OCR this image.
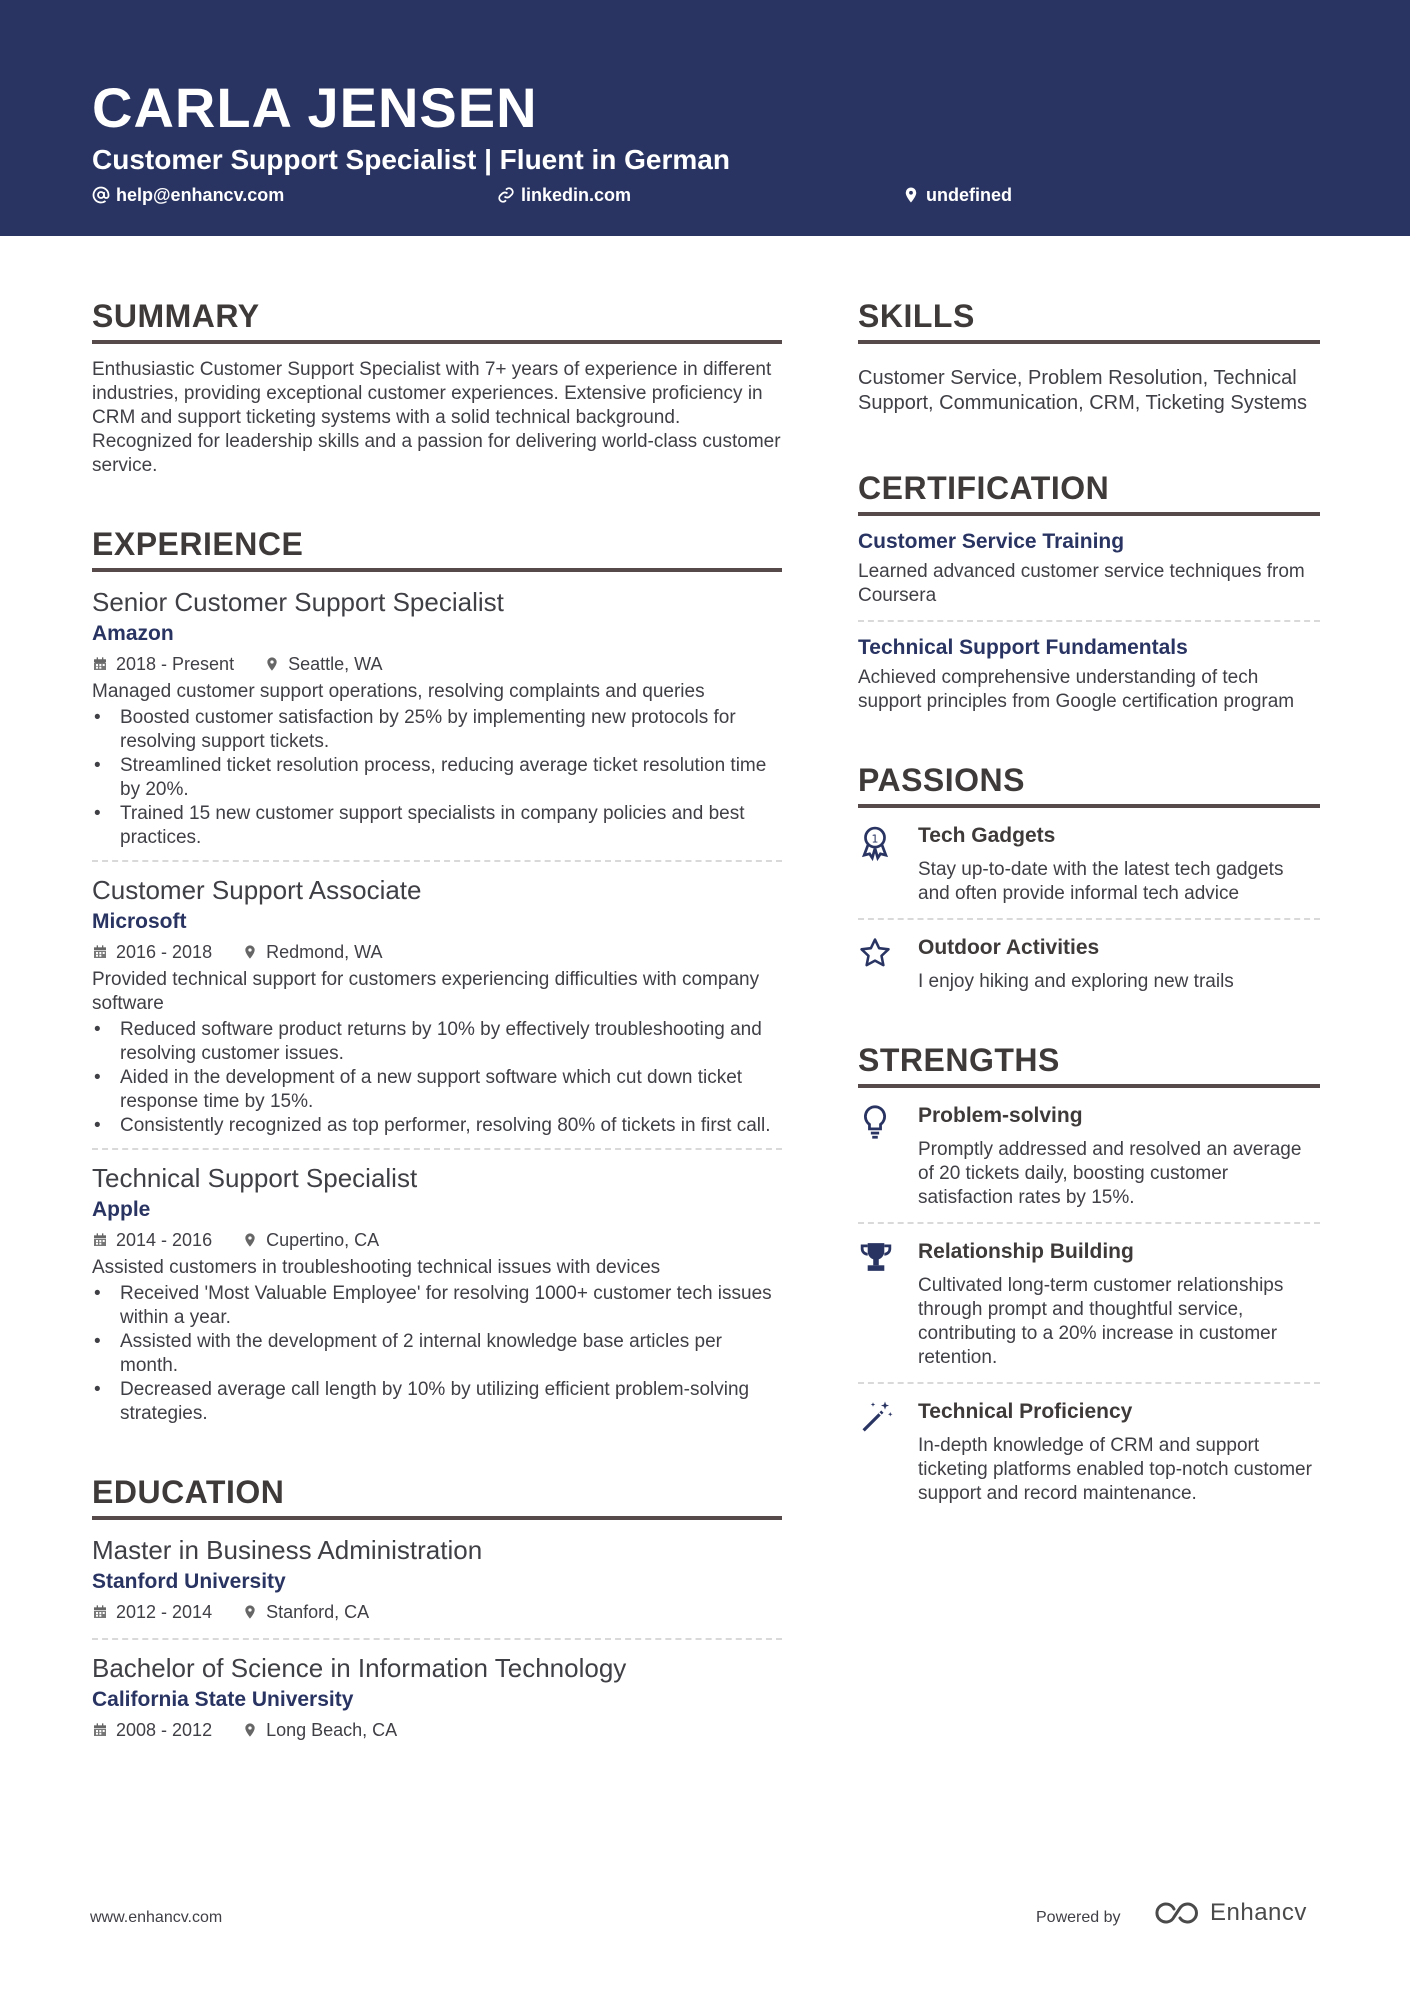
CARLA JENSEN
Customer Support Specialist | Fluent in German
help@enhancv.com	linkedin.com	undefined
SUMMARY
Enthusiastic Customer Support Specialist with 7+ years of experience in different industries, providing exceptional customer experiences. Extensive proficiency in CRM and support ticketing systems with a solid technical background. Recognized for leadership skills and a passion for delivering world-class customer service.
EXPERIENCE
Senior Customer Support Specialist
Amazon
2018 - Present	Seattle, WA
Managed customer support operations, resolving complaints and queries
• Boosted customer satisfaction by 25% by implementing new protocols for resolving support tickets.
• Streamlined ticket resolution process, reducing average ticket resolution time by 20%.
• Trained 15 new customer support specialists in company policies and best practices.
Customer Support Associate
Microsoft
2016 - 2018	Redmond, WA
Provided technical support for customers experiencing difficulties with company software
• Reduced software product returns by 10% by effectively troubleshooting and resolving customer issues.
• Aided in the development of a new support software which cut down ticket response time by 15%.
• Consistently recognized as top performer, resolving 80% of tickets in first call.
Technical Support Specialist
Apple
2014 - 2016	Cupertino, CA
Assisted customers in troubleshooting technical issues with devices
• Received 'Most Valuable Employee' for resolving 1000+ customer tech issues within a year.
• Assisted with the development of 2 internal knowledge base articles per month.
• Decreased average call length by 10% by utilizing efficient problem-solving strategies.
EDUCATION
Master in Business Administration
Stanford University
2012 - 2014	Stanford, CA
Bachelor of Science in Information Technology
California State University
2008 - 2012	Long Beach, CA
SKILLS
Customer Service, Problem Resolution, Technical Support, Communication, CRM, Ticketing Systems
CERTIFICATION
Customer Service Training
Learned advanced customer service techniques from Coursera
Technical Support Fundamentals
Achieved comprehensive understanding of tech support principles from Google certification program
PASSIONS
1 Tech Gadgets
Stay up-to-date with the latest tech gadgets and often provide informal tech advice
Outdoor Activities
I enjoy hiking and exploring new trails
STRENGTHS
Problem-solving
Promptly addressed and resolved an average of 20 tickets daily, boosting customer satisfaction rates by 15%.
Relationship Building
Cultivated long-term customer relationships through prompt and thoughtful service, contributing to a 20% increase in customer retention.
Technical Proficiency
In-depth knowledge of CRM and support ticketing platforms enabled top-notch customer support and record maintenance.
www.enhancv.com	Powered by	Enhancv
